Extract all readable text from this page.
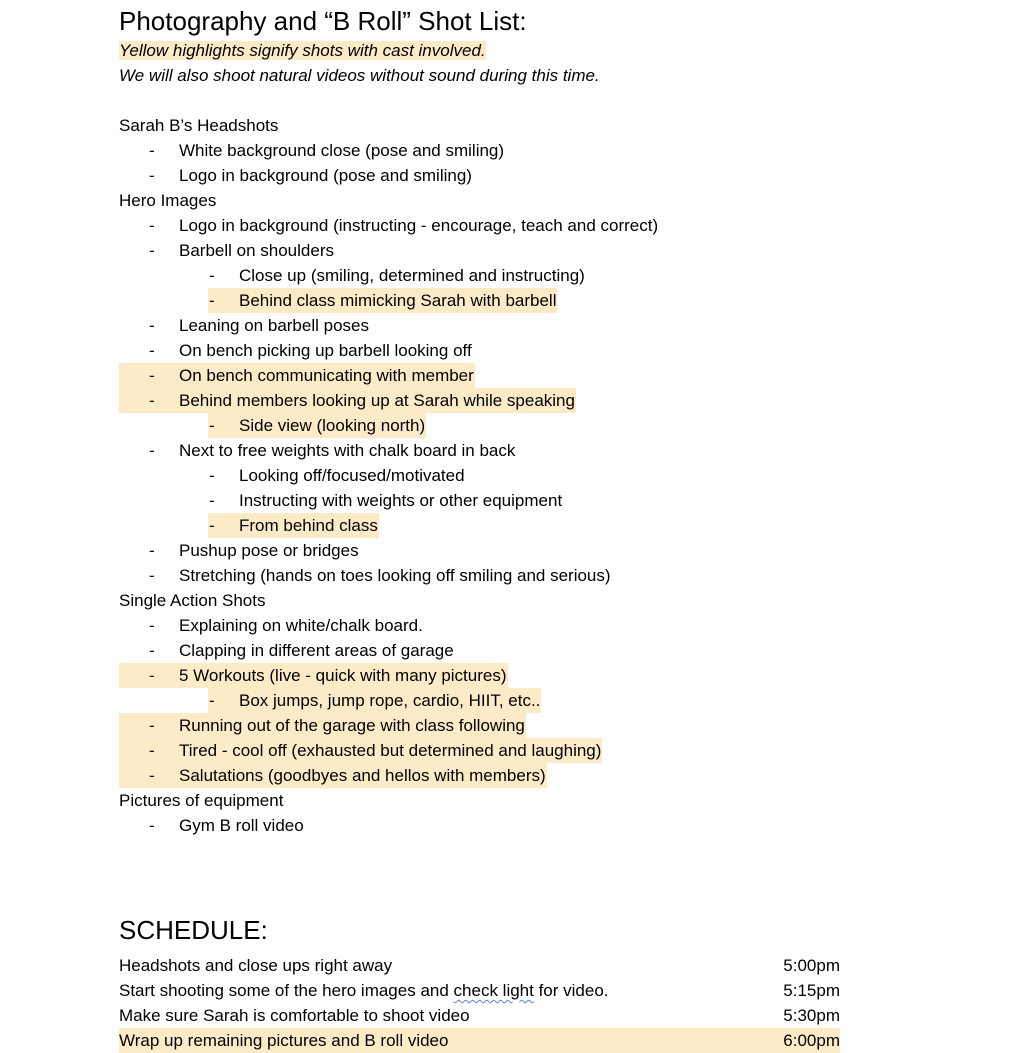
Photography and “B Roll” Shot List:
Yellow highlights signify shots with cast involved.
We will also shoot natural videos without sound during this time.
Sarah B’s Headshots
- White background close (pose and smiling)
- Logo in background (pose and smiling)
Hero Images
- Logo in background (instructing - encourage, teach and correct)
- Barbell on shoulders
- Close up (smiling, determined and instructing)
- Behind class mimicking Sarah with barbell
- Leaning on barbell poses
- On bench picking up barbell looking off
- On bench communicating with member
- Behind members looking up at Sarah while speaking
- Side view (looking north)
- Next to free weights with chalk board in back
- Looking off/focused/motivated
- Instructing with weights or other equipment
- From behind class
- Pushup pose or bridges
- Stretching (hands on toes looking off smiling and serious)
Single Action Shots
- Explaining on white/chalk board.
- Clapping in different areas of garage
- 5 Workouts (live - quick with many pictures)
- Box jumps, jump rope, cardio, HIIT, etc..
- Running out of the garage with class following
- Tired - cool off (exhausted but determined and laughing)
- Salutations (goodbyes and hellos with members)
Pictures of equipment
- Gym B roll video
SCHEDULE:
Headshots and close ups right away	5:00pm
Start shooting some of the hero images and check light for video.	5:15pm
Make sure Sarah is comfortable to shoot video	5:30pm
Wrap up remaining pictures and B roll video	6:00pm
